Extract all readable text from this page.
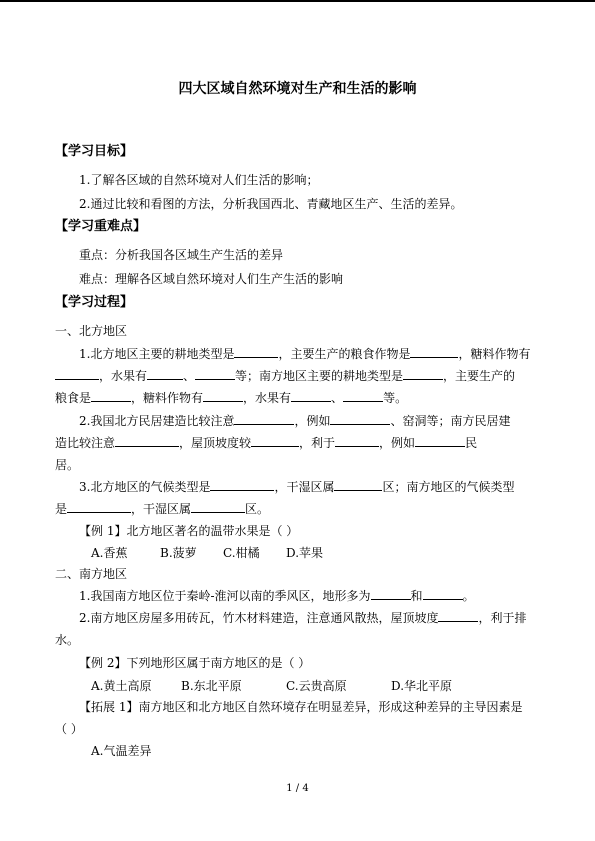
四大区域自然环境对生产和生活的影响
【学习目标】
1.了解各区域的自然环境对人们生活的影响；
2.通过比较和看图的方法，分析我国西北、青藏地区生产、生活的差异。
【学习重难点】
重点：分析我国各区域生产生活的差异
难点：理解各区域自然环境对人们生产生活的影响
【学习过程】
一、北方地区
1.北方地区主要的耕地类型是	，主要生产的粮食作物是	，糖料作物有
，水果有	、	等；南方地区主要的耕地类型是	，主要生产的
粮食是	，糖料作物有	，水果有	、	等。
2.我国北方民居建造比较注意	，例如	、窑洞等；南方民居建
造比较注意	，屋顶坡度较	，利于	，例如	民
居。
3.北方地区的气候类型是	，干湿区属	区；南方地区的气候类型
是	，干湿区属	区。
【例 1】北方地区著名的温带水果是（ ）
A.香蕉	B.菠萝 C.柑橘 D.苹果
二、南方地区
1.我国南方地区位于秦岭-淮河以南的季风区，地形多为	和	。
2.南方地区房屋多用砖瓦，竹木材料建造，注意通风散热，屋顶坡度	，利于排
水。
【例 2】下列地形区属于南方地区的是（ ）
A.黄土高原 B.东北平原	C.云贵高原	D.华北平原
【拓展 1】南方地区和北方地区自然环境存在明显差异，形成这种差异的主导因素是
（ ）
A.气温差异
1 / 4
